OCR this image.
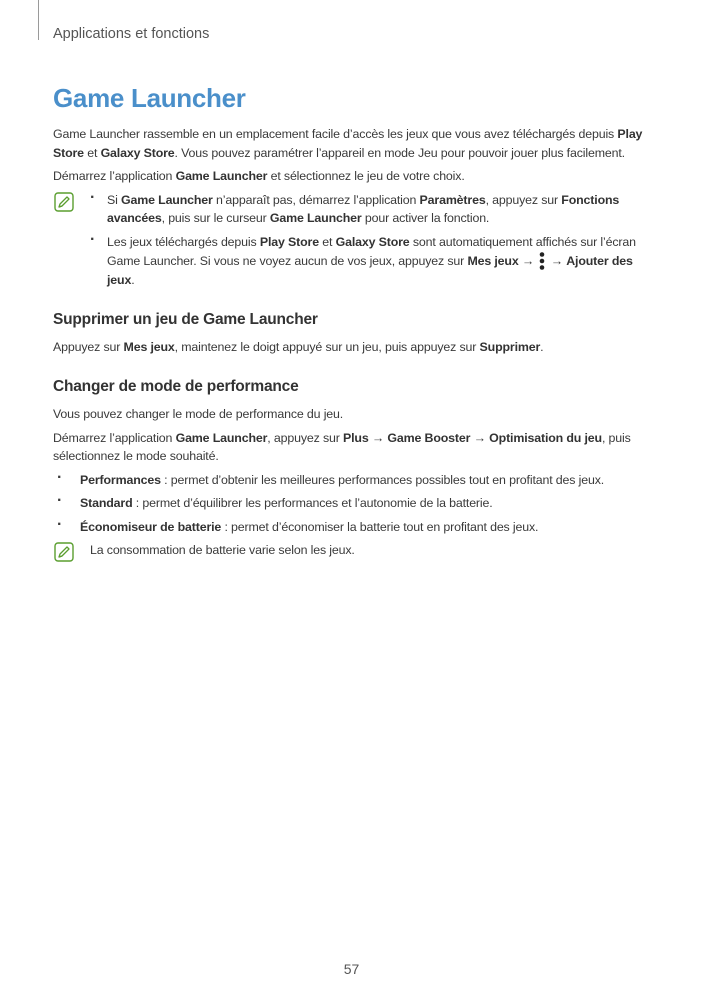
Applications et fonctions
Game Launcher

Game Launcher rassemble en un emplacement facile d’accès les jeux que vous avez téléchargés depuis Play Store et Galaxy Store. Vous pouvez paramétrer l’appareil en mode Jeu pour pouvoir jouer plus facilement.

Démarrez l’application Game Launcher et sélectionnez le jeu de votre choix.

· Si Game Launcher n’apparaît pas, démarrez l’application Paramètres, appuyez sur Fonctions avancées, puis sur le curseur Game Launcher pour activer la fonction.
· Les jeux téléchargés depuis Play Store et Galaxy Store sont automatiquement affichés sur l’écran Game Launcher. Si vous ne voyez aucun de vos jeux, appuyez sur Mes jeux →  → Ajouter des jeux.
Supprimer un jeu de Game Launcher

Appuyez sur Mes jeux, maintenez le doigt appuyé sur un jeu, puis appuyez sur Supprimer.

Changer de mode de performance

Vous pouvez changer le mode de performance du jeu.

Démarrez l’application Game Launcher, appuyez sur Plus → Game Booster → Optimisation du jeu, puis sélectionnez le mode souhaité.

· Performances : permet d’obtenir les meilleures performances possibles tout en profitant des jeux.
· Standard : permet d’équilibrer les performances et l’autonomie de la batterie.
· Économiseur de batterie : permet d’économiser la batterie tout en profitant des jeux.
La consommation de batterie varie selon les jeux.
57
